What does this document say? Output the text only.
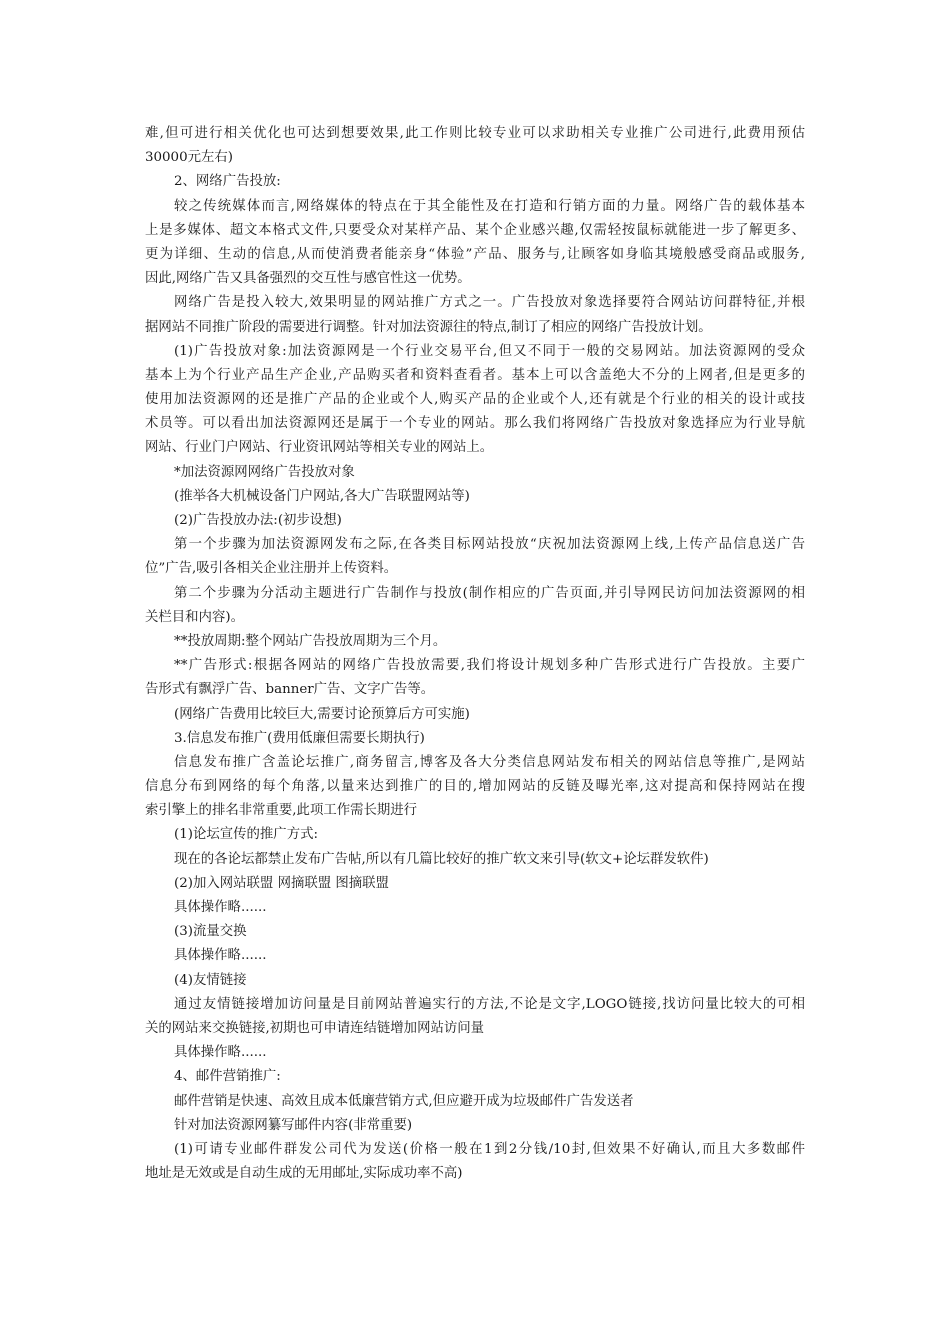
难,但可进行相关优化也可达到想要效果,此工作则比较专业可以求助相关专业推广公司进行,此费用预估
30000元左右)
2、网络广告投放:
较之传统媒体而言,网络媒体的特点在于其全能性及在打造和行销方面的力量。网络广告的载体基本
上是多媒体、超文本格式文件,只要受众对某样产品、某个企业感兴趣,仅需轻按鼠标就能进一步了解更多、
更为详细、生动的信息,从而使消费者能亲身“体验”产品、服务与,让顾客如身临其境般感受商品或服务,
因此,网络广告又具备强烈的交互性与感官性这一优势。
网络广告是投入较大,效果明显的网站推广方式之一。广告投放对象选择要符合网站访问群特征,并根
据网站不同推广阶段的需要进行调整。针对加法资源往的特点,制订了相应的网络广告投放计划。
(1)广告投放对象:加法资源网是一个行业交易平台,但又不同于一般的交易网站。加法资源网的受众
基本上为个行业产品生产企业,产品购买者和资料查看者。基本上可以含盖绝大不分的上网者,但是更多的
使用加法资源网的还是推广产品的企业或个人,购买产品的企业或个人,还有就是个行业的相关的设计或技
术员等。可以看出加法资源网还是属于一个专业的网站。那么我们将网络广告投放对象选择应为行业导航
网站、行业门户网站、行业资讯网站等相关专业的网站上。
*加法资源网网络广告投放对象
(推举各大机械设备门户网站,各大广告联盟网站等)
(2)广告投放办法:(初步设想)
第一个步骤为加法资源网发布之际,在各类目标网站投放“庆祝加法资源网上线,上传产品信息送广告
位”广告,吸引各相关企业注册并上传资料。
第二个步骤为分活动主题进行广告制作与投放(制作相应的广告页面,并引导网民访问加法资源网的相
关栏目和内容)。
**投放周期:整个网站广告投放周期为三个月。
**广告形式:根据各网站的网络广告投放需要,我们将设计规划多种广告形式进行广告投放。主要广
告形式有飘浮广告、banner广告、文字广告等。
(网络广告费用比较巨大,需要讨论预算后方可实施)
3.信息发布推广(费用低廉但需要长期执行)
信息发布推广含盖论坛推广,商务留言,博客及各大分类信息网站发布相关的网站信息等推广,是网站
信息分布到网络的每个角落,以量来达到推广的目的,增加网站的反链及曝光率,这对提高和保持网站在搜
索引擎上的排名非常重要,此项工作需长期进行
(1)论坛宣传的推广方式:
现在的各论坛都禁止发布广告帖,所以有几篇比较好的推广软文来引导(软文+论坛群发软件)
(2)加入网站联盟 网摘联盟 图摘联盟
具体操作略......
(3)流量交换
具体操作略......
(4)友情链接
通过友情链接增加访问量是目前网站普遍实行的方法,不论是文字,LOGO链接,找访问量比较大的可相
关的网站来交换链接,初期也可申请连结链增加网站访问量
具体操作略......
4、邮件营销推广:
邮件营销是快速、高效且成本低廉营销方式,但应避开成为垃圾邮件广告发送者
针对加法资源网纂写邮件内容(非常重要)
(1)可请专业邮件群发公司代为发送(价格一般在1到2分钱/10封,但效果不好确认,而且大多数邮件
地址是无效或是自动生成的无用邮址,实际成功率不高)
